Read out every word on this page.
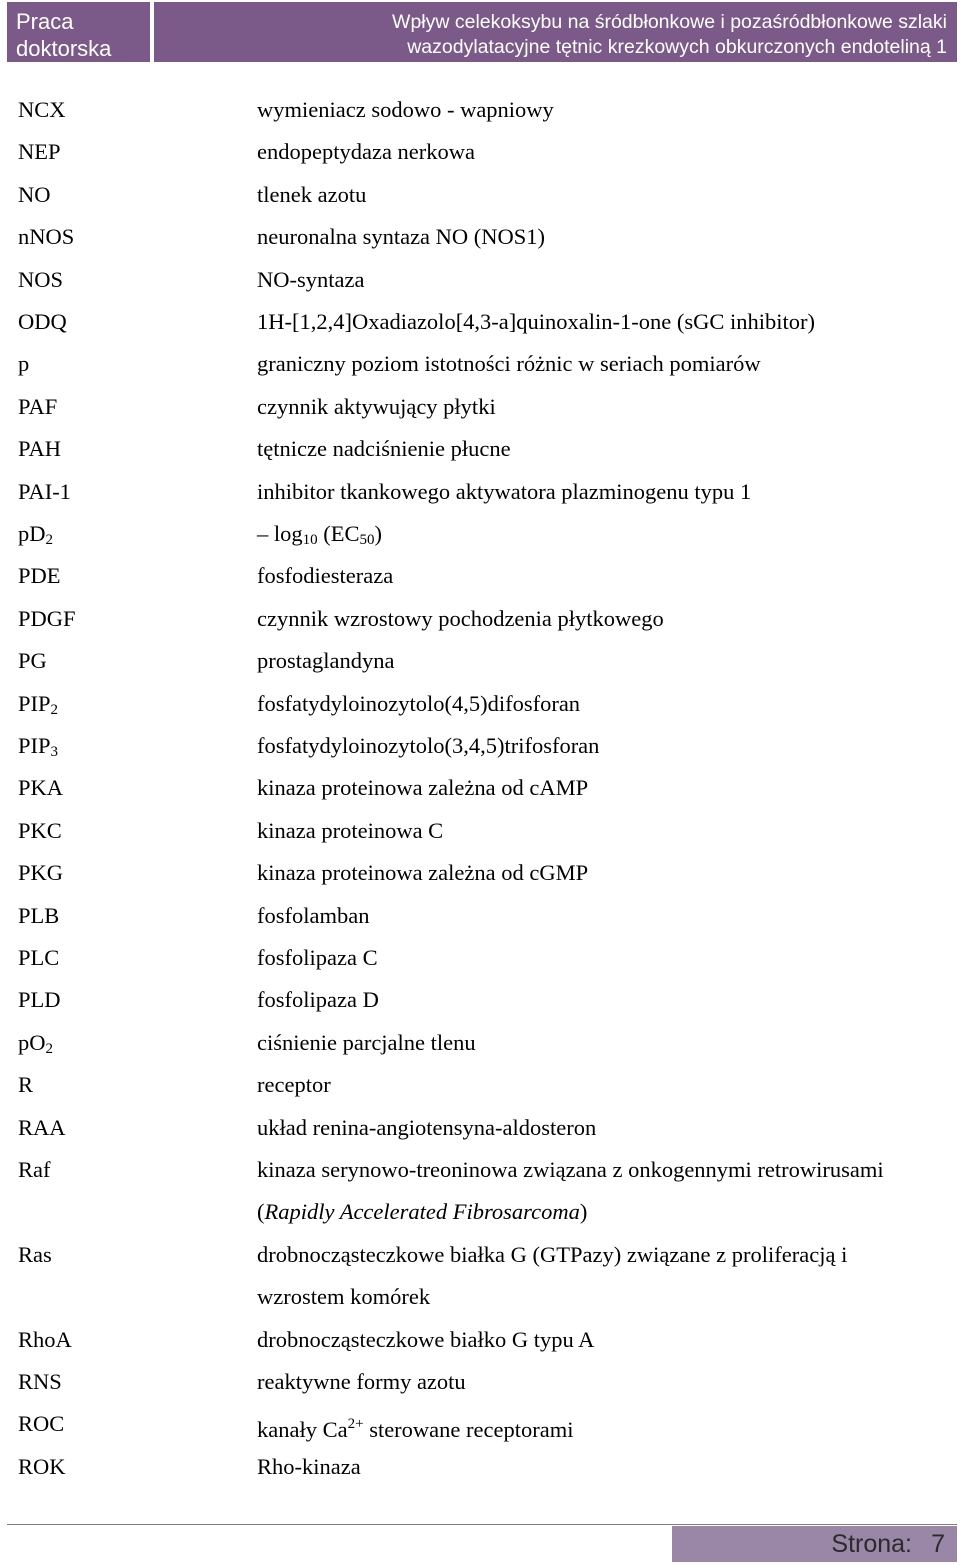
Praca
doktorska
Wpływ celekoksybu na śródbłonkowe i pozaśródbłonkowe szlaki
wazodylatacyjne tętnic krezkowych obkurczonych endoteliną 1
NCX	wymieniacz sodowo - wapniowy
NEP	endopeptydaza nerkowa
NO	tlenek azotu
nNOS	neuronalna syntaza NO (NOS1)
NOS	NO-syntaza
ODQ	1H-[1,2,4]Oxadiazolo[4,3-a]quinoxalin-1-one (sGC inhibitor)
p	graniczny poziom istotności różnic w seriach pomiarów
PAF	czynnik aktywujący płytki
PAH	tętnicze nadciśnienie płucne
PAI-1	inhibitor tkankowego aktywatora plazminogenu typu 1
$pD_2$	– $\log_{10} (EC_{50})$
PDE	fosfodiesteraza
PDGF	czynnik wzrostowy pochodzenia płytkowego
PG	prostaglandyna
$PIP_2$	fosfatydyloinozytolo(4,5)difosforan
$PIP_3$	fosfatydyloinozytolo(3,4,5)trifosforan
PKA	kinaza proteinowa zależna od cAMP
PKC	kinaza proteinowa C
PKG	kinaza proteinowa zależna od cGMP
PLB	fosfolamban
PLC	fosfolipaza C
PLD	fosfolipaza D
$pO_2$	ciśnienie parcjalne tlenu
R	receptor
RAA	układ renina-angiotensyna-aldosteron
Raf	kinaza serynowo-treoninowa związana z onkogennymi retrowirusami
(Rapidly Accelerated Fibrosarcoma)
Ras	drobnocząsteczkowe białka G (GTPazy) związane z proliferacją i
wzrostem komórek
RhoA	drobnocząsteczkowe białko G typu A
RNS	reaktywne formy azotu
ROC	kanały $Ca^{2+}$ sterowane receptorami
ROK	Rho-kinaza
Strona: 7
